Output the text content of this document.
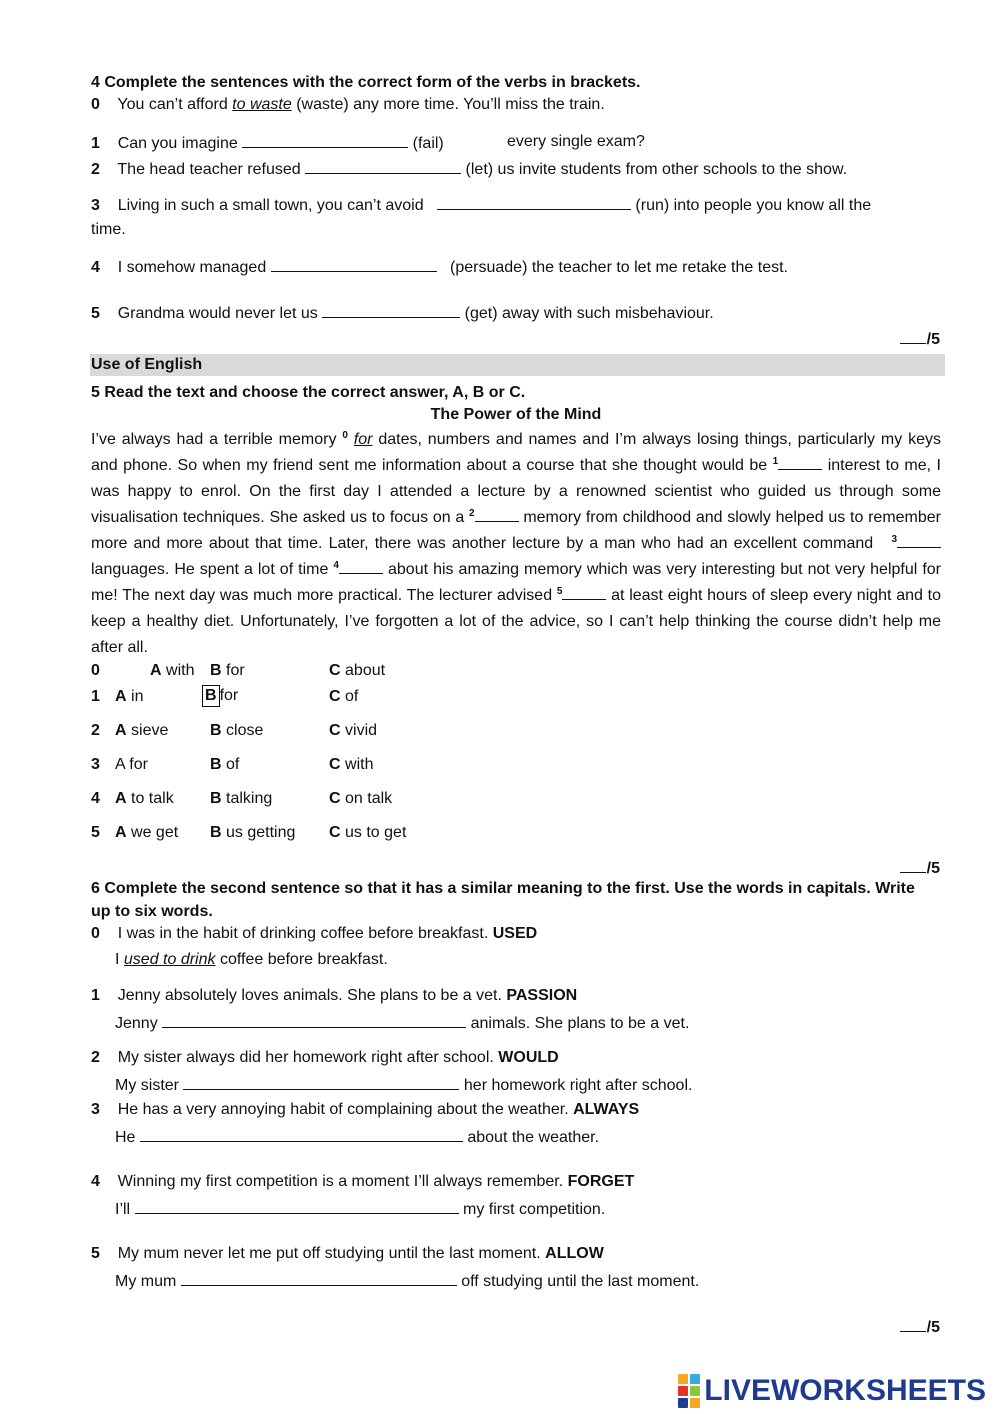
4 Complete the sentences with the correct form of the verbs in brackets.
0 You can’t afford to waste (waste) any more time. You’ll miss the train.
1 Can you imagine	(fail)	every single exam?
2 The head teacher refused	(let) us invite students from other schools to the show.
3 Living in such a small town, you can’t avoid	(run) into people you know all the
time.
4 I somehow managed	(persuade) the teacher to let me retake the test.
5 Grandma would never let us	(get) away with such misbehaviour.
/5
Use of English
5 Read the text and choose the correct answer, A, B or C.
The Power of the Mind
I’ve always had a terrible memory $^0$ for dates, numbers and names and I’m always losing things, particularly my keys and phone. So when my friend sent me information about a course that she thought would be $^1$	interest to me, I was happy to enrol. On the first day I attended a lecture by a renowned scientist who guided us through some visualisation techniques. She asked us to focus on a $^2$	memory from childhood and slowly helped us to remember more and more about that time. Later, there was another lecture by a man who had an excellent command   $^3$ languages. He spent a lot of time $^4$	about his amazing memory which was very interesting but not very helpful for me! The next day was much more practical. The lecturer advised $^5$	at least eight hours of sleep every night and to keep a healthy diet. Unfortunately, I’ve forgotten a lot of the advice, so I can’t help thinking the course didn’t help me after all.
0	A with B for	C about
1 A in	B for	C of
2 A sieve	B close	C vivid
3 A for	B of	C with
4 A to talk B talking	C on talk
5 A we get B us getting C us to get
/5
6 Complete the second sentence so that it has a similar meaning to the first. Use the words in capitals. Write
up to six words.
0 I was in the habit of drinking coffee before breakfast. USED
I used to drink coffee before breakfast.
1 Jenny absolutely loves animals. She plans to be a vet. PASSION
Jenny	animals. She plans to be a vet.
2 My sister always did her homework right after school. WOULD
My sister	her homework right after school.
3 He has a very annoying habit of complaining about the weather. ALWAYS
He	about the weather.
4 Winning my first competition is a moment I’ll always remember. FORGET
I’ll	my first competition.
5 My mum never let me put off studying until the last moment. ALLOW
My mum	off studying until the last moment.
/5
LIVEWORKSHEETS
